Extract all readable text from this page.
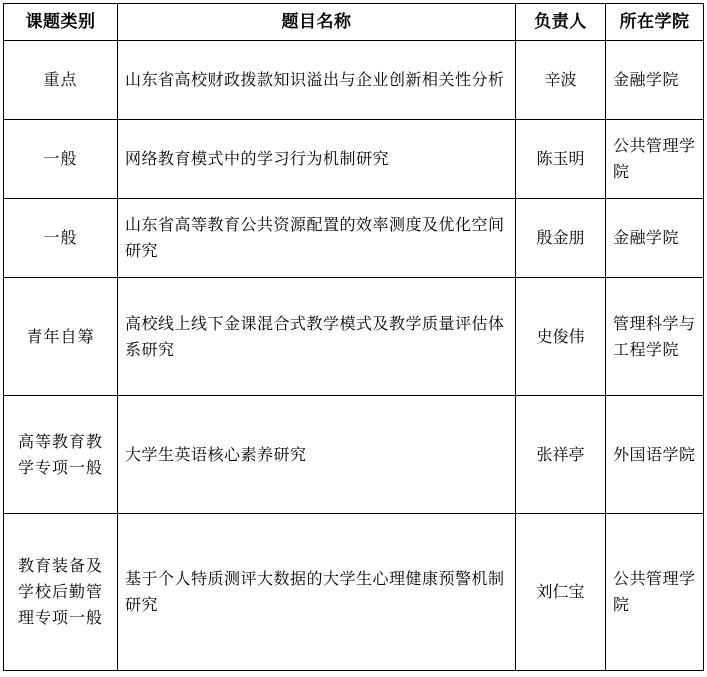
课题类别	题目名称	负责人	所在学院
重点	山东省高校财政拨款知识溢出与企业创新相关性分析	辛波	金融学院
一般	网络教育模式中的学习行为机制研究	陈玉明	公共管理学院
一般	山东省高等教育公共资源配置的效率测度及优化空间研究	殷金朋	金融学院
青年自筹	高校线上线下金课混合式教学模式及教学质量评估体系研究	史俊伟	管理科学与工程学院
高等教育教学专项一般	大学生英语核心素养研究	张祥亭	外国语学院
教育装备及学校后勤管理专项一般	基于个人特质测评大数据的大学生心理健康预警机制研究	刘仁宝	公共管理学院
